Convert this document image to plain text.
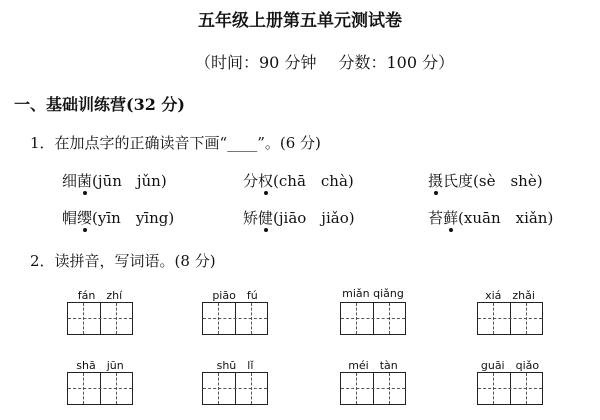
五年级上册第五单元测试卷
（时间：90 分钟 分数：100 分）
一、基础训练营(32 分)
1．在加点字的正确读音下画“____”。(6 分)
细菌(jūn　jǔn)	分权(chā　chà)	摄氏度(sè　shè)
帽缨(yīn　yīng)	矫健(jiāo　jiǎo)	苔藓(xuān　xiǎn)
2．读拼音，写词语。(8 分)
fán　zhí	piāo　fú	miǎn qiǎng	xiá　zhǎi
shā　jūn	shū　lǐ	méi　tàn	guāi　qiǎo
